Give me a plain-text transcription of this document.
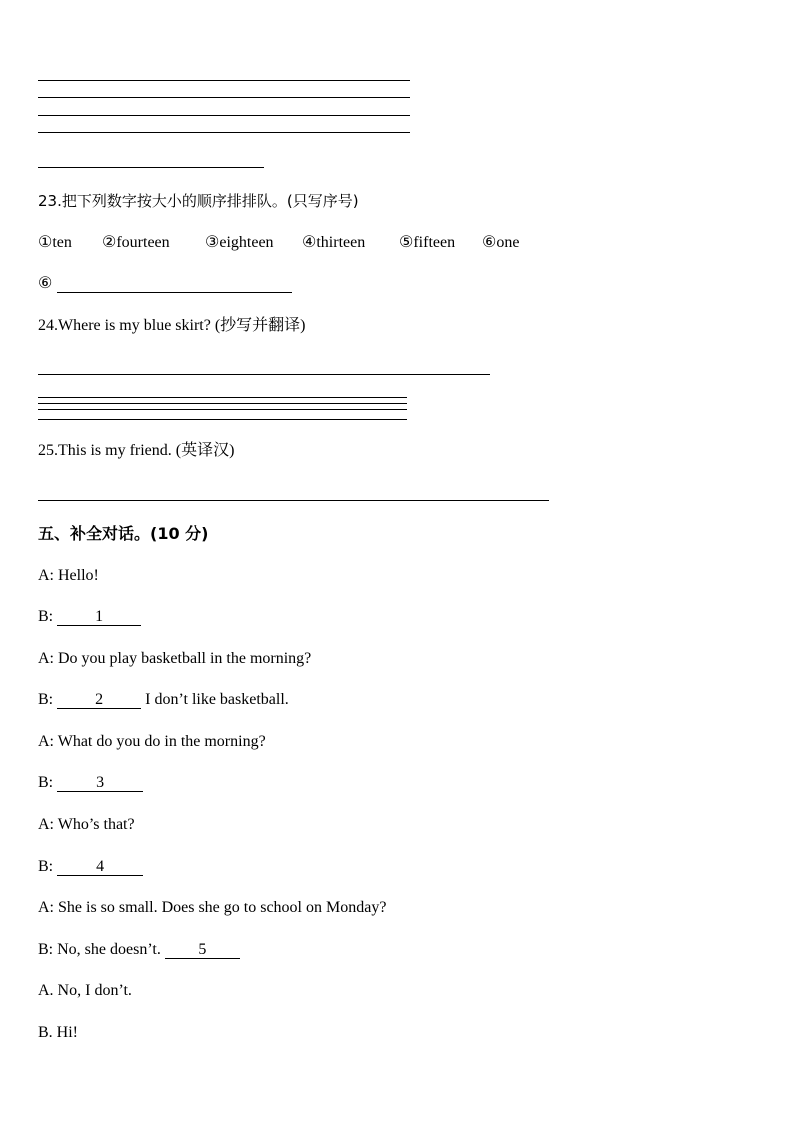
23.把下列数字按大小的顺序排排队。(只写序号)
①ten ②fourteen ③eighteen ④thirteen ⑤fifteen ⑥one
⑥
24.Where is my blue skirt? (抄写并翻译)
25.This is my friend. (英译汉)
五、补全对话。(10 分)
A: Hello!
B:	1
A: Do you play basketball in the morning?
B:	2	I don’t like basketball.
A: What do you do in the morning?
B:	3
A: Who’s that?
B:	4
A: She is so small. Does she go to school on Monday?
B: No, she doesn’t. 5
A. No, I don’t.
B. Hi!
